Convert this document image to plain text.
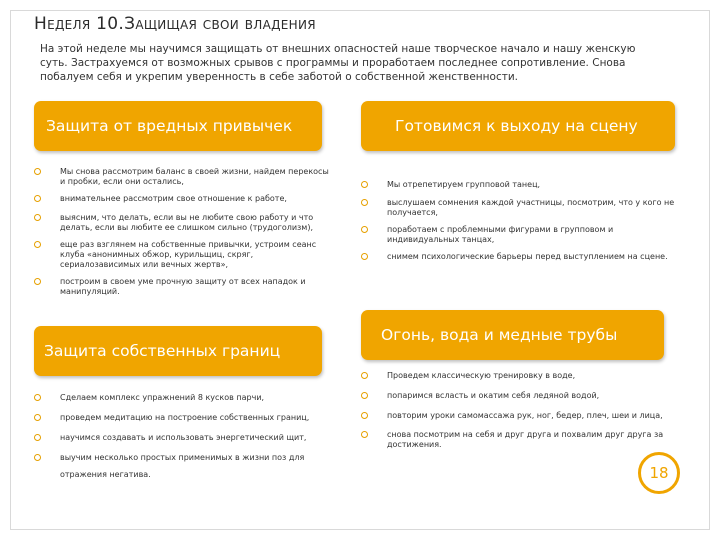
Неделя 10.Защищая свои владения
На этой неделе мы научимся защищать от внешних опасностей наше творческое начало и нашу женскую суть. Застрахуемся от возможных срывов с программы и проработаем последнее сопротивление. Снова побалуем себя и укрепим уверенность в себе заботой о собственной женственности.
Защита от вредных привычек	Готовимся к выходу на сцену
Мы снова рассмотрим баланс в своей жизни, найдем перекосы и пробки, если они остались,
внимательнее рассмотрим свое отношение к работе,
выясним, что делать, если вы не любите свою работу и что делать, если вы любите ее слишком сильно (трудоголизм),
еще раз взглянем на собственные привычки, устроим сеанс клуба «анонимных обжор, курильщиц, скряг, сериалозависимых или вечных жертв»,
построим в своем уме прочную защиту от всех нападок и манипуляций.
Мы отрепетируем групповой танец,
выслушаем сомнения каждой участницы, посмотрим, что у кого не получается,
поработаем с проблемными фигурами в групповом и индивидуальных танцах,
снимем психологические барьеры перед выступлением на сцене.
Огонь, вода и медные трубы
Защита собственных границ
Проведем классическую тренировку в воде,
попаримся всласть и окатим себя ледяной водой,
повторим уроки самомассажа рук, ног, бедер, плеч, шеи и лица,
снова посмотрим на себя и друг друга и похвалим друг друга за достижения.
Сделаем комплекс упражнений 8 кусков парчи,
проведем медитацию на построение собственных границ,
научимся создавать и использовать энергетический щит,
выучим несколько простых применимых в жизни поз для
отражения негатива.	18
